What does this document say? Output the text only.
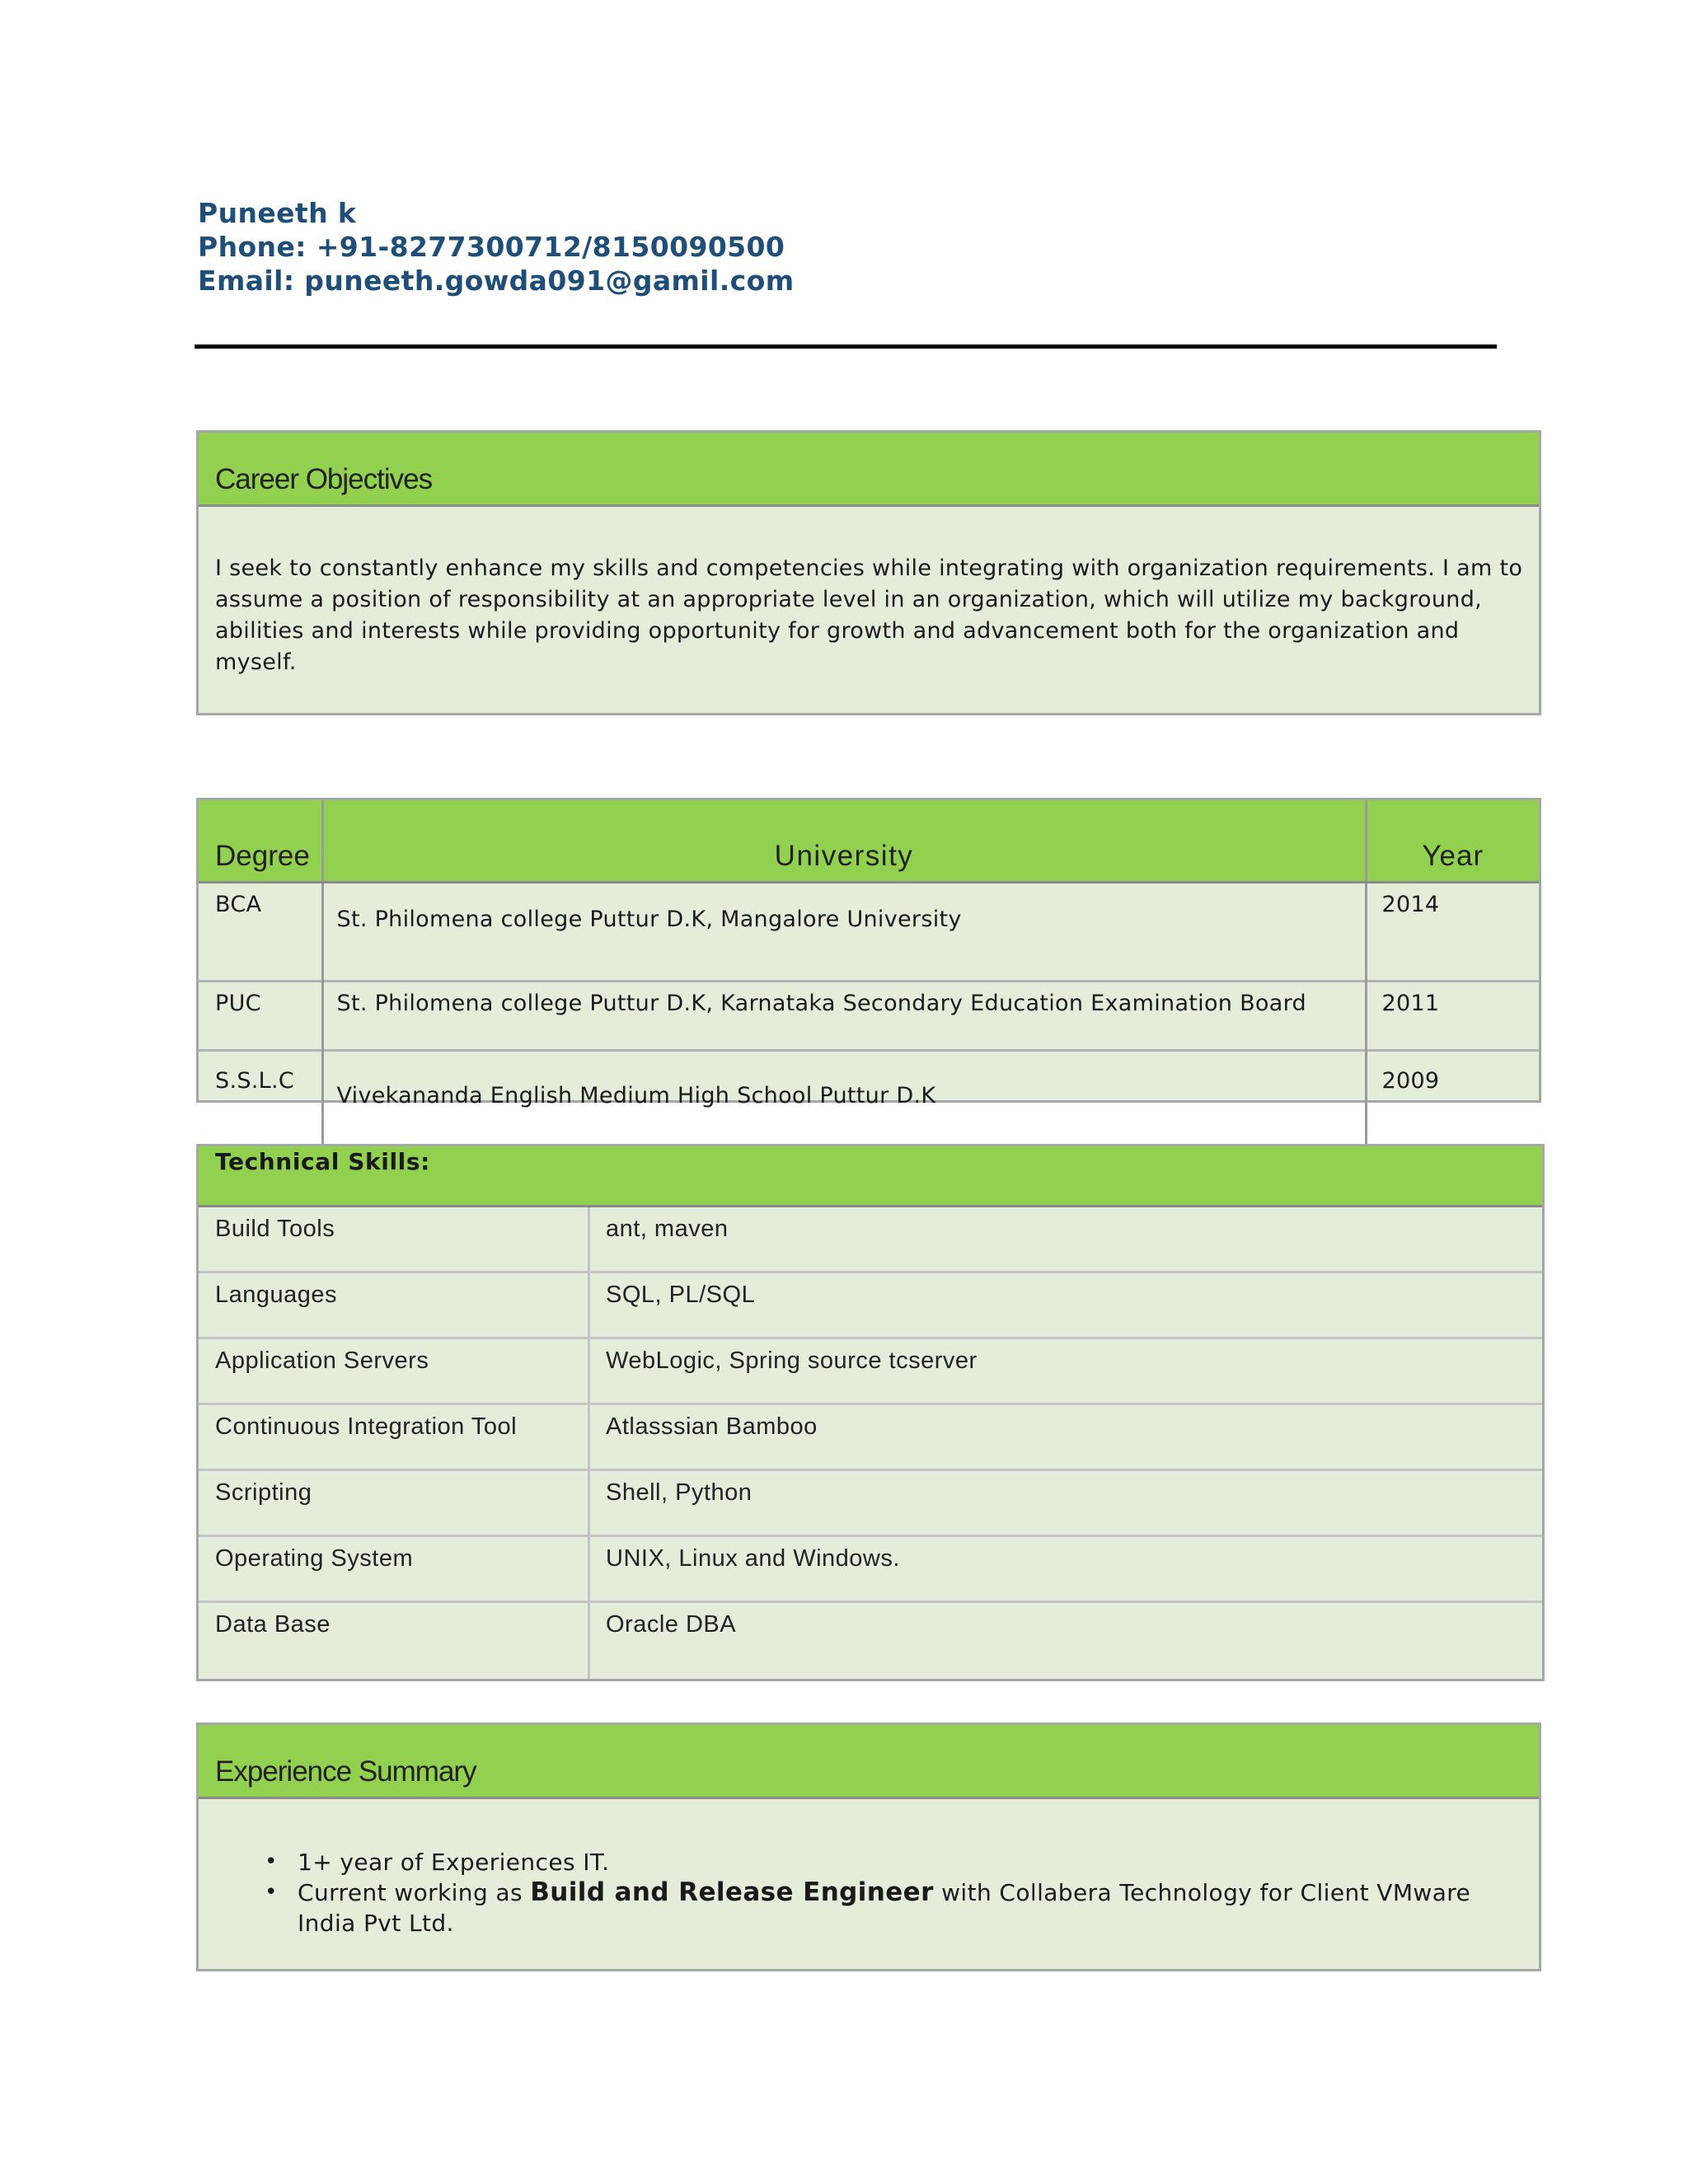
Puneeth k
Phone: +91-8277300712/8150090500
Email: puneeth.gowda091@gamil.com
Career Objectives
I seek to constantly enhance my skills and competencies while integrating with organization requirements. I am to assume a position of responsibility at an appropriate level in an organization, which will utilize my background, abilities and interests while providing opportunity for growth and advancement both for the organization and myself.
Degree	University	Year
BCA	St. Philomena college Puttur D.K, Mangalore University	2014
PUC	St. Philomena college Puttur D.K, Karnataka Secondary Education Examination Board	2011
S.S.L.C	Vivekananda English Medium High School Puttur D.K	2009
Technical Skills:
Build Tools	ant, maven
Languages	SQL, PL/SQL
Application Servers	WebLogic, Spring source tcserver
Continuous Integration Tool	Atlasssian Bamboo
Scripting	Shell, Python
Operating System	UNIX, Linux and Windows.
Data Base	Oracle DBA
Experience Summary
• 1+ year of Experiences IT.
• Current working as Build and Release Engineer with Collabera Technology for Client VMware India Pvt Ltd.
